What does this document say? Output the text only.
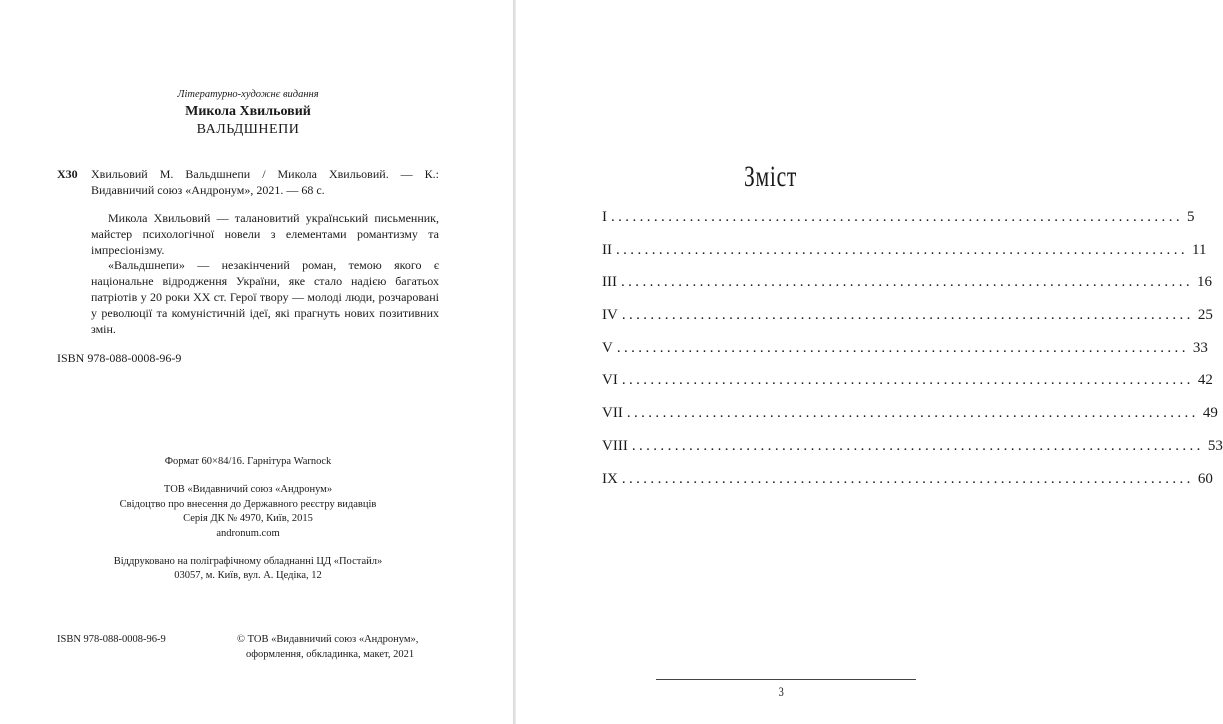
Літературно-художнє видання
Микола Хвильовий
ВАЛЬДШНЕПИ
Х30 Хвильовий М. Вальдшнепи / Микола Хвильовий. — К.: Видавничий союз «Андронум», 2021. — 68 с.

Микола Хвильовий — талановитий український письменник, майстер психологічної новели з елементами романтизму та імпресіонізму.

«Вальдшнепи» — незакінчений роман, темою якого є національне відродження України, яке стало надією багатьох патріотів у 20 роки ХХ ст. Герої твору — молоді люди, розчаровані у революції та комуністичній ідеї, які прагнуть нових позитивних змін.

ISBN 978-088-0008-96-9
Формат 60×84/16. Гарнітура Warnock
ТОВ «Видавничий союз «Андронум»
Свідоцтво про внесення до Державного реєстру видавців
Серія ДК № 4970, Київ, 2015
andronum.com
Віддруковано на поліграфічному обладнанні ЦД «Постайл»
03057, м. Київ, вул. А. Цедіка, 12
ISBN 978-088-0008-96-9	© ТОВ «Видавничий союз «Андронум»,
оформлення, обкладинка, макет, 2021
Зміст
I ................................................................................ 5
II ................................................................................ 11
III ................................................................................ 16
IV ................................................................................ 25
V ................................................................................ 33
VI ................................................................................ 42
VII ................................................................................ 49
VIII ................................................................................ 53
IX ................................................................................ 60
3
